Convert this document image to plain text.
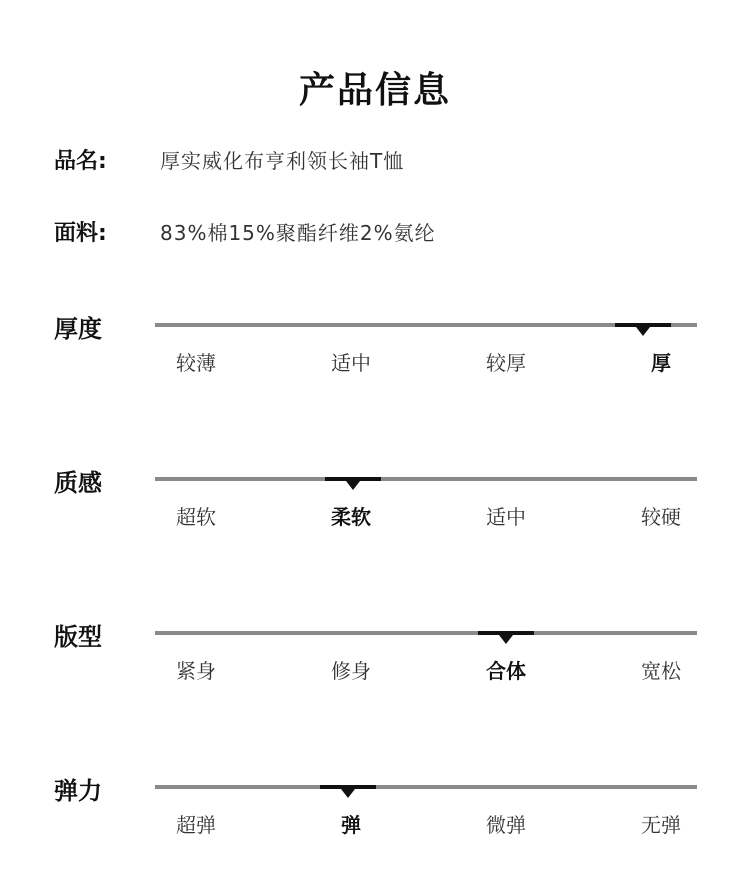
产品信息
品名:	厚实威化布亨利领长袖T恤
面料:	83%棉15%聚酯纤维2%氨纶
厚度
较薄	适中	较厚	厚
质感
超软	柔软	适中	较硬
版型
紧身	修身	合体	宽松
弹力
超弹	弹	微弹	无弹
